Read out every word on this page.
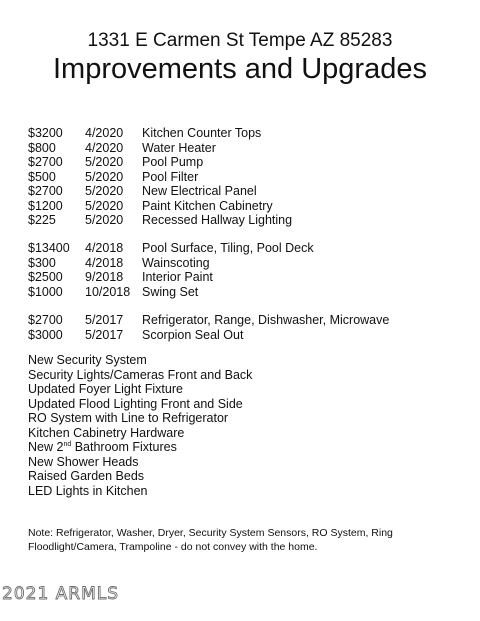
1331 E Carmen St Tempe AZ 85283
Improvements and Upgrades
$3200 4/2020 Kitchen Counter Tops
$800 4/2020 Water Heater
$2700 5/2020 Pool Pump
$500 5/2020 Pool Filter
$2700 5/2020 New Electrical Panel
$1200 5/2020 Paint Kitchen Cabinetry
$225 5/2020 Recessed Hallway Lighting
$13400 4/2018 Pool Surface, Tiling, Pool Deck
$300 4/2018 Wainscoting
$2500 9/2018 Interior Paint
$1000 10/2018 Swing Set
$2700 5/2017 Refrigerator, Range, Dishwasher, Microwave
$3000 5/2017 Scorpion Seal Out
New Security System
Security Lights/Cameras Front and Back
Updated Foyer Light Fixture
Updated Flood Lighting Front and Side
RO System with Line to Refrigerator
Kitchen Cabinetry Hardware
New 2nd Bathroom Fixtures
New Shower Heads
Raised Garden Beds
LED Lights in Kitchen
Note: Refrigerator, Washer, Dryer, Security System Sensors, RO System, Ring Floodlight/Camera, Trampoline - do not convey with the home.
2021 ARMLS
